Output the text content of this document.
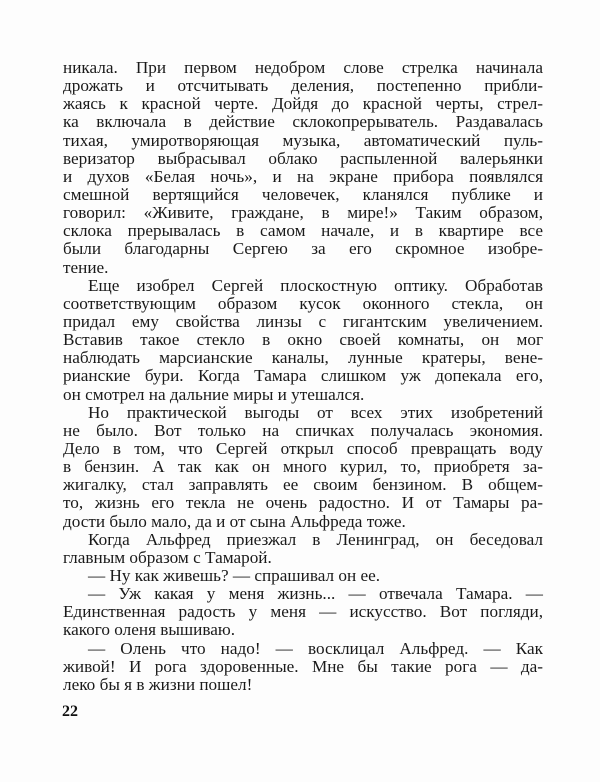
никала. При первом недобром слове стрелка начинала
дрожать и отсчитывать деления, постепенно прибли-
жаясь к красной черте. Дойдя до красной черты, стрел-
ка включала в действие склокопрерыватель. Раздавалась
тихая, умиротворяющая музыка, автоматический пуль-
веризатор выбрасывал облако распыленной валерьянки
и духов «Белая ночь», и на экране прибора появлялся
смешной вертящийся человечек, кланялся публике и
говорил: «Живите, граждане, в мире!» Таким образом,
склока прерывалась в самом начале, и в квартире все
были благодарны Сергею за его скромное изобре-
тение.
Еще изобрел Сергей плоскостную оптику. Обработав
соответствующим образом кусок оконного стекла, он
придал ему свойства линзы с гигантским увеличением.
Вставив такое стекло в окно своей комнаты, он мог
наблюдать марсианские каналы, лунные кратеры, вене-
рианские бури. Когда Тамара слишком уж допекала его,
он смотрел на дальние миры и утешался.
Но практической выгоды от всех этих изобретений
не было. Вот только на спичках получалась экономия.
Дело в том, что Сергей открыл способ превращать воду
в бензин. А так как он много курил, то, приобретя за-
жигалку, стал заправлять ее своим бензином. В общем-
то, жизнь его текла не очень радостно. И от Тамары ра-
дости было мало, да и от сына Альфреда тоже.
Когда Альфред приезжал в Ленинград, он беседовал
главным образом с Тамарой.
— Ну как живешь? — спрашивал он ее.
— Уж какая у меня жизнь... — отвечала Тамара. —
Единственная радость у меня — искусство. Вот погляди,
какого оленя вышиваю.
— Олень что надо! — восклицал Альфред. — Как
живой! И рога здоровенные. Мне бы такие рога — да-
леко бы я в жизни пошел!
22
